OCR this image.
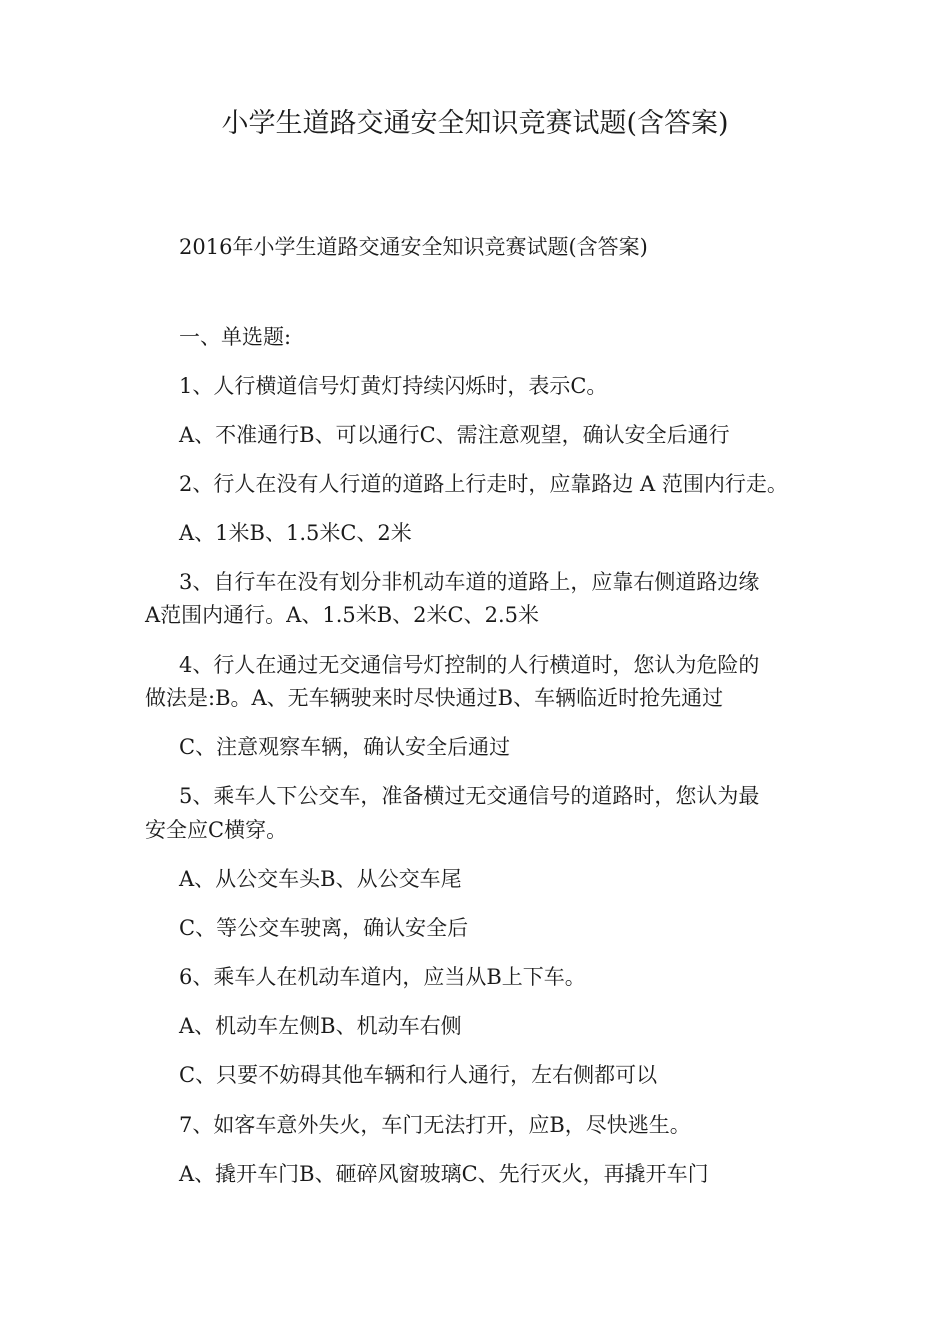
小学生道路交通安全知识竞赛试题(含答案)
2016年小学生道路交通安全知识竞赛试题(含答案)
一、单选题:
1、人行横道信号灯黄灯持续闪烁时，表示C。
A、不准通行B、可以通行C、需注意观望，确认安全后通行
2、行人在没有人行道的道路上行走时，应靠路边 A 范围内行走。
A、1米B、1.5米C、2米
3、自行车在没有划分非机动车道的道路上，应靠右侧道路边缘
A范围内通行。A、1.5米B、2米C、2.5米
4、行人在通过无交通信号灯控制的人行横道时，您认为危险的
做法是:B。A、无车辆驶来时尽快通过B、车辆临近时抢先通过
C、注意观察车辆，确认安全后通过
5、乘车人下公交车，准备横过无交通信号的道路时，您认为最
安全应C横穿。
A、从公交车头B、从公交车尾
C、等公交车驶离，确认安全后
6、乘车人在机动车道内，应当从B上下车。
A、机动车左侧B、机动车右侧
C、只要不妨碍其他车辆和行人通行，左右侧都可以
7、如客车意外失火，车门无法打开，应B，尽快逃生。
A、撬开车门B、砸碎风窗玻璃C、先行灭火，再撬开车门
